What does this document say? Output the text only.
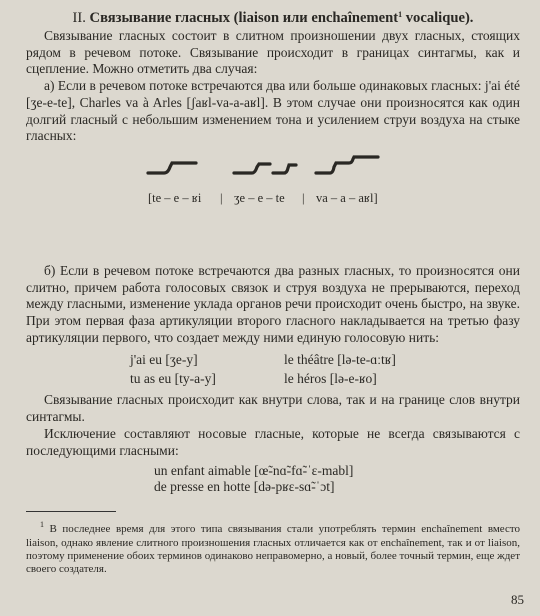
II. Связывание гласных (liaison или enchaînement$^1$ vocalique).

Связывание гласных состоит в слитном произношении двух гласных, стоящих рядом в речевом потоке. Связывание происходит в границах синтагмы, как и сцепление. Можно отметить два случая:

а) Если в речевом потоке встречаются два или больше одинаковых гласных: j'ai été [ʒe-e-te], Charles va à Arles [ʃaʁl-va-a-aʁl]. В этом случае они произносятся как один долгий гласный с небольшим изменением тона и усилением струи воздуха на стыке гласных:

[te – e – ʁi | ʒe – e – te | va – a – aʁl]

б) Если в речевом потоке встречаются два разных гласных, то произносятся они слитно, причем работа голосовых связок и струя воздуха не прерываются, переход между гласными, изменение уклада органов речи происходит очень быстро, на звуке. При этом первая фаза артикуляции второго гласного накладывается на третью фазу артикуляции первого, что создает между ними единую голосовую нить:

j'ai eu [ʒe-y]
tu as eu [ty-a-y]
le théâtre [lə-te-ɑːtʁ]
le héros [lə-e-ʁo]

Связывание гласных происходит как внутри слова, так и на границе слов внутри синтагмы.

Исключение составляют носовые гласные, которые не всегда связываются с последующими гласными:

un enfant aimable [œ̃-nɑ̃-fɑ̃-ˈɛ-mabl]
de presse en hotte [də-pʁɛ-sɑ̃-ˈɔt]

$^1$ В последнее время для этого типа связывания стали употреблять термин enchaînement вместо liaison, однако явление слитного произношения гласных отличается как от enchaînement, так и от liaison, поэтому применение обоих терминов одинаково неправомерно, а новый, более точный термин, еще ждет своего создателя.

85
